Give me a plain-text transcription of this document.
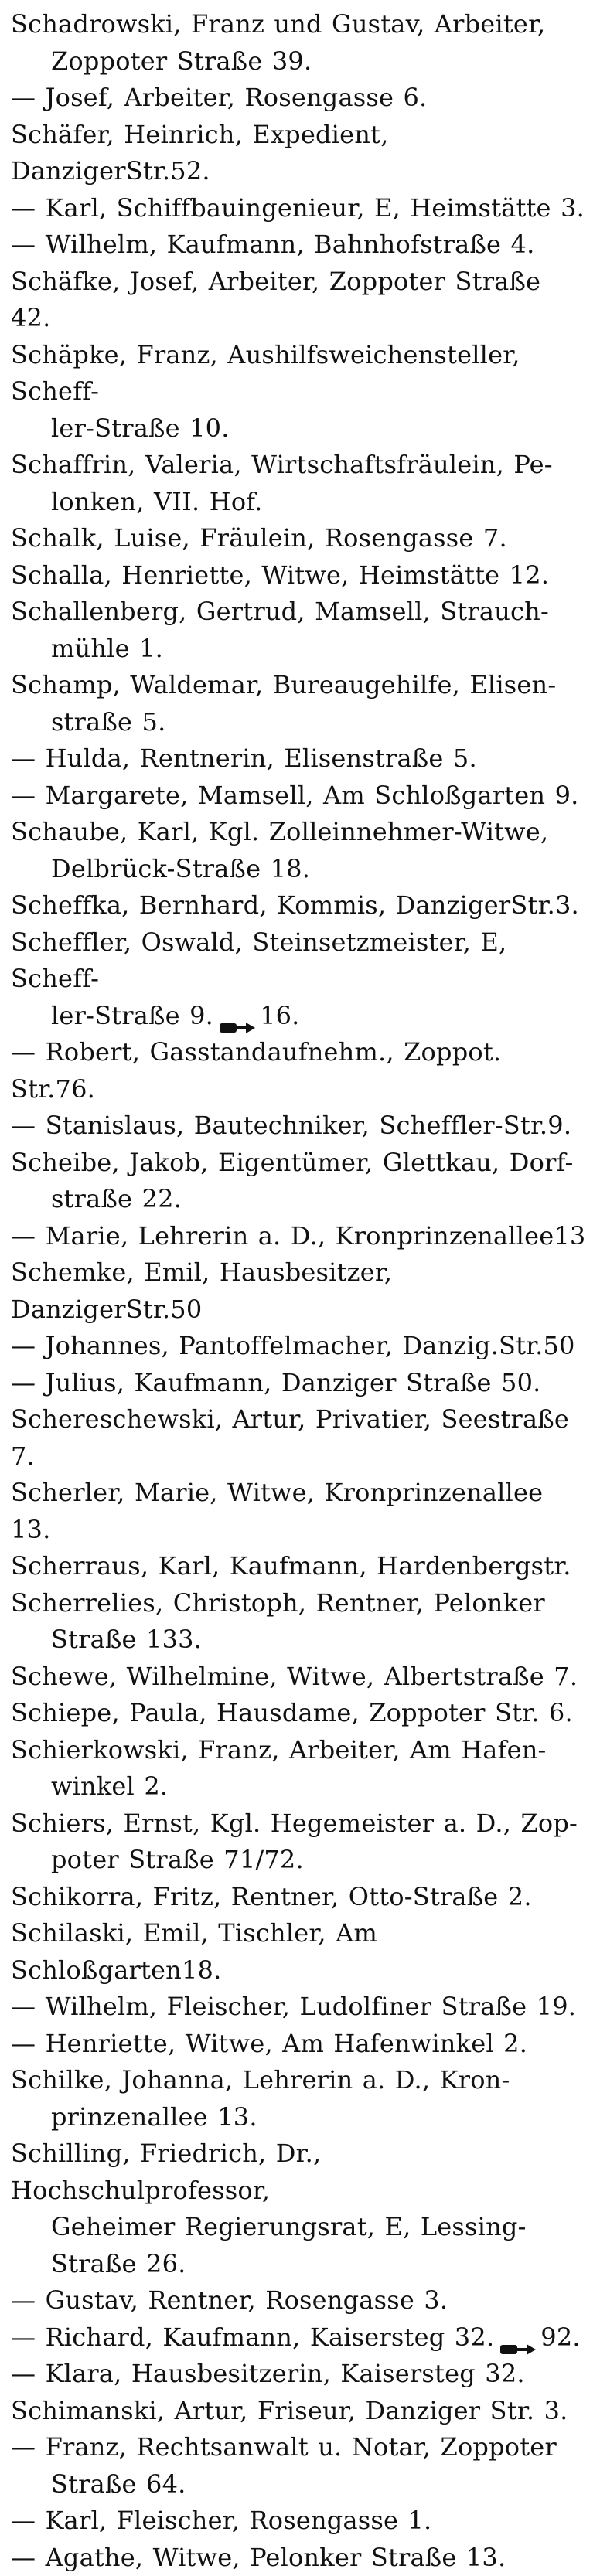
Schadrowski, Franz und Gustav, Arbeiter,
Zoppoter Straße 39.
— Josef, Arbeiter, Rosengasse 6.
Schäfer, Heinrich, Expedient, DanzigerStr.52.
— Karl, Schiffbauingenieur, E, Heimstätte 3.
— Wilhelm, Kaufmann, Bahnhofstraße 4.
Schäfke, Josef, Arbeiter, Zoppoter Straße 42.
Schäpke, Franz, Aushilfsweichensteller, Scheff-
ler-Straße 10.
Schaffrin, Valeria, Wirtschaftsfräulein, Pe-
lonken, VII. Hof.
Schalk, Luise, Fräulein, Rosengasse 7.
Schalla, Henriette, Witwe, Heimstätte 12.
Schallenberg, Gertrud, Mamsell, Strauch-
mühle 1.
Schamp, Waldemar, Bureaugehilfe, Elisen-
straße 5.
— Hulda, Rentnerin, Elisenstraße 5.
— Margarete, Mamsell, Am Schloßgarten 9.
Schaube, Karl, Kgl. Zolleinnehmer-Witwe,
Delbrück-Straße 18.
Scheffka, Bernhard, Kommis, DanzigerStr.3.
Scheffler, Oswald, Steinsetzmeister, E, Scheff-
ler-Straße 9. 16.
— Robert, Gasstandaufnehm., Zoppot. Str.76.
— Stanislaus, Bautechniker, Scheffler-Str.9.
Scheibe, Jakob, Eigentümer, Glettkau, Dorf-
straße 22.
— Marie, Lehrerin a. D., Kronprinzenallee13
Schemke, Emil, Hausbesitzer, DanzigerStr.50
— Johannes, Pantoffelmacher, Danzig.Str.50
— Julius, Kaufmann, Danziger Straße 50.
Schereschewski, Artur, Privatier, Seestraße 7.
Scherler, Marie, Witwe, Kronprinzenallee 13.
Scherraus, Karl, Kaufmann, Hardenbergstr.
Scherrelies, Christoph, Rentner, Pelonker
Straße 133.
Schewe, Wilhelmine, Witwe, Albertstraße 7.
Schiepe, Paula, Hausdame, Zoppoter Str. 6.
Schierkowski, Franz, Arbeiter, Am Hafen-
winkel 2.
Schiers, Ernst, Kgl. Hegemeister a. D., Zop-
poter Straße 71/72.
Schikorra, Fritz, Rentner, Otto-Straße 2.
Schilaski, Emil, Tischler, Am Schloßgarten18.
— Wilhelm, Fleischer, Ludolfiner Straße 19.
— Henriette, Witwe, Am Hafenwinkel 2.
Schilke, Johanna, Lehrerin a. D., Kron-
prinzenallee 13.
Schilling, Friedrich, Dr., Hochschulprofessor,
Geheimer Regierungsrat, E, Lessing-
Straße 26.
— Gustav, Rentner, Rosengasse 3.
— Richard, Kaufmann, Kaisersteg 32. 92.
— Klara, Hausbesitzerin, Kaisersteg 32.
Schimanski, Artur, Friseur, Danziger Str. 3.
— Franz, Rechtsanwalt u. Notar, Zoppoter
Straße 64.
— Karl, Fleischer, Rosengasse 1.
— Agathe, Witwe, Pelonker Straße 13.
